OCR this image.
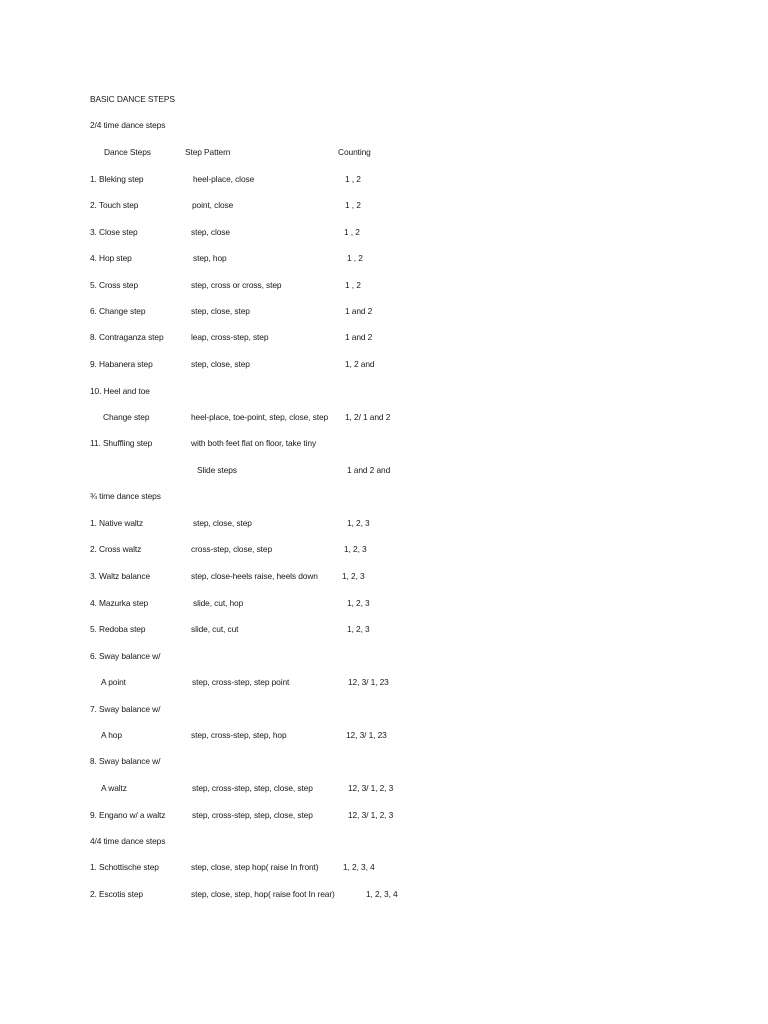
BASIC DANCE STEPS
2/4 time dance steps
Dance Steps	Step Pattern	Counting
1. Bleking step	heel-place, close	1 , 2
2. Touch step	point, close	1 , 2
3. Close step	step, close	1 , 2
4. Hop step	step, hop	1 , 2
5. Cross step	step, cross or cross, step	1 , 2
6. Change step	step, close, step	1 and 2
8. Contraganza step	leap, cross-step, step	1 and 2
9. Habanera step	step, close, step	1, 2 and
10. Heel and toe
Change step	heel-place, toe-point, step, close, step 1, 2/ 1 and 2
11. Shuffling step	with both feet flat on floor, take tiny
Slide steps	1 and 2 and
¾ time dance steps
1. Native waltz	step, close, step	1, 2, 3
2. Cross waltz	cross-step, close, step	1, 2, 3
3. Waltz balance	step, close-heels raise, heels down	1, 2, 3
4. Mazurka step	slide, cut, hop	1, 2, 3
5. Redoba step	slide, cut, cut	1, 2, 3
6. Sway balance w/
A point	step, cross-step, step point	12, 3/ 1, 23
7. Sway balance w/
A hop	step, cross-step, step, hop	12, 3/ 1, 23
8. Sway balance w/
A waltz	step, cross-step, step, close, step	12, 3/ 1, 2, 3
9. Engano w/ a waltz	step, cross-step, step, close, step	12, 3/ 1, 2, 3
4/4 time dance steps
1. Schottische step	step, close, step hop( raise In front)	1, 2, 3, 4
2. Escotis step	step, close, step, hop( raise foot In rear)	1, 2, 3, 4
